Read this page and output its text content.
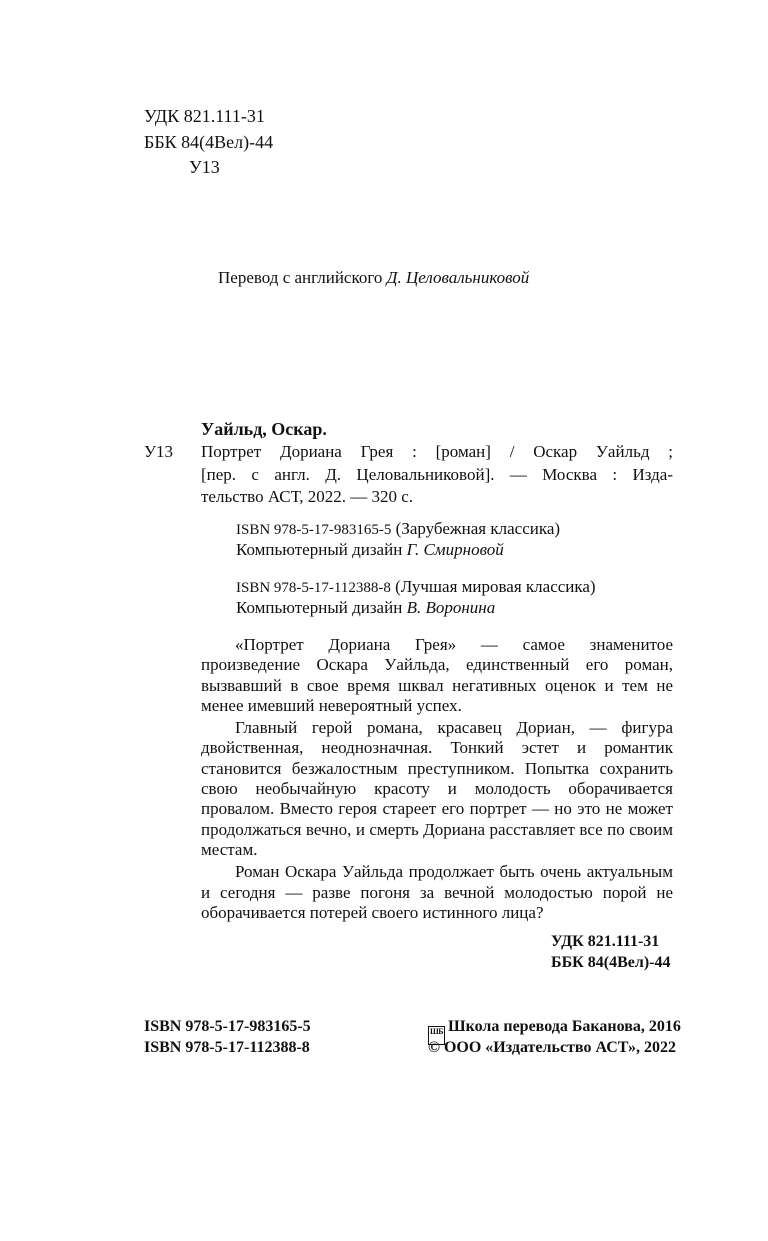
УДК 821.111-31
ББК 84(4Вел)-44
У13
Перевод с английского Д. Целовальниковой
Уайльд, Оскар.
У13 Портрет Дориана Грея : [роман] / Оскар Уайльд ;
[пер. с англ. Д. Целовальниковой]. — Москва : Изда-
тельство АСТ, 2022. — 320 с.
ISBN 978-5-17-983165-5 (Зарубежная классика)
Компьютерный дизайн Г. Смирновой
ISBN 978-5-17-112388-8 (Лучшая мировая классика)
Компьютерный дизайн В. Воронина

«Портрет Дориана Грея» — самое знаменитое произведение Оскара Уайльда, единственный его роман, вызвавший в свое время шквал негативных оценок и тем не менее имевший невероятный успех.

Главный герой романа, красавец Дориан, — фигура двойственная, неоднозначная. Тонкий эстет и романтик становится безжалостным преступником. Попытка сохранить свою необычайную красоту и молодость оборачивается провалом. Вместо героя стареет его портрет — но это не может продолжаться вечно, и смерть Дориана расставляет все по своим местам.

Роман Оскара Уайльда продолжает быть очень актуальным и сегодня — разве погоня за вечной молодостью порой не оборачивается потерей своего истинного лица?

УДК 821.111-31
ББК 84(4Вел)-44
ISBN 978-5-17-983165-5
ISBN 978-5-17-112388-8
ШБ Школа перевода Баканова, 2016
© ООО «Издательство АСТ», 2022
